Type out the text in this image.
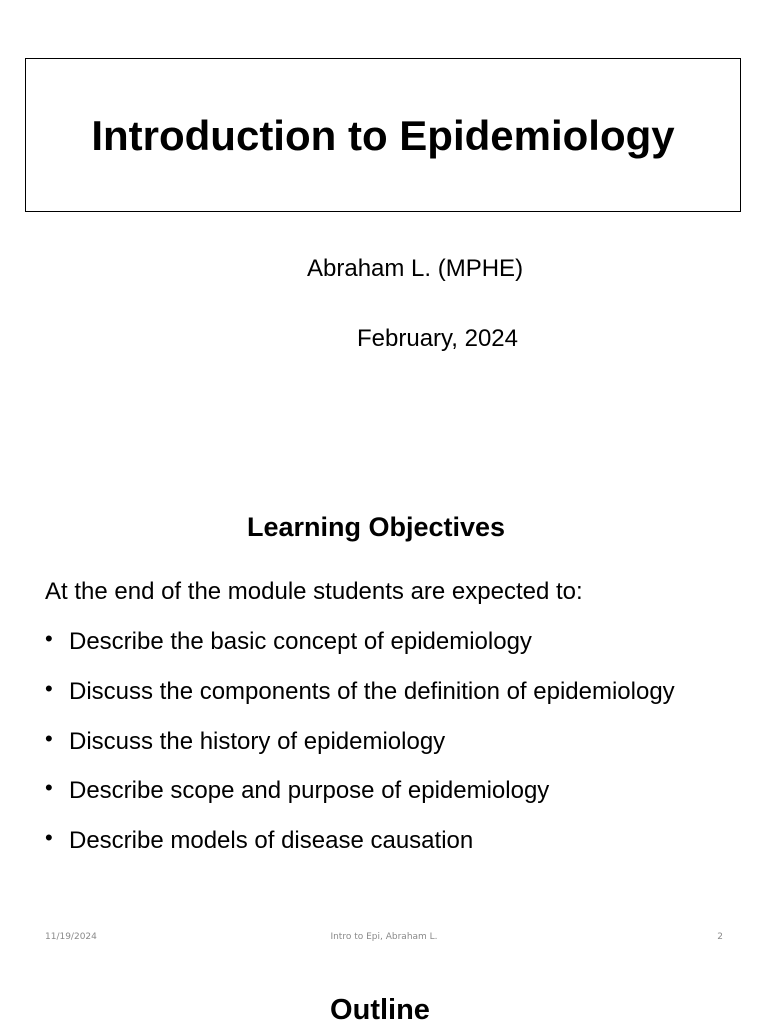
Introduction to Epidemiology
Abraham L. (MPHE)
February, 2024
Learning Objectives
At the end of the module students are expected to:
• Describe the basic concept of epidemiology
• Discuss the components of the definition of epidemiology
• Discuss the history of epidemiology
• Describe scope and purpose of epidemiology
• Describe models of disease causation
11/19/2024	Intro to Epi, Abraham L.	2
Outline
